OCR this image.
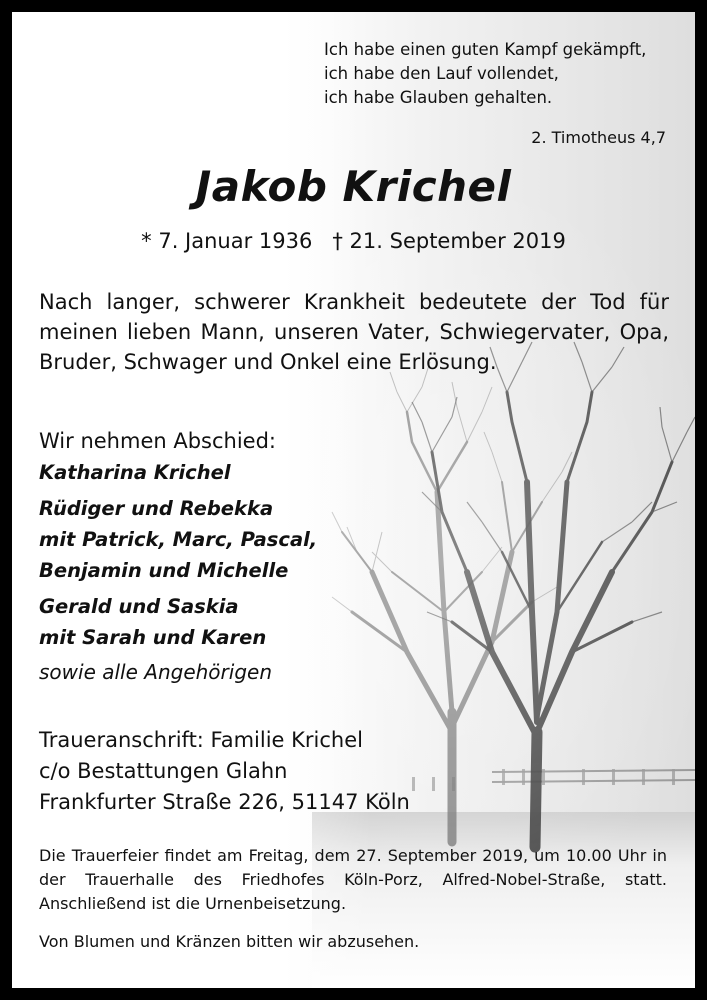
Ich habe einen guten Kampf gekämpft,
ich habe den Lauf vollendet,
ich habe Glauben gehalten.
2. Timotheus 4,7
Jakob Krichel
* 7. Januar 1936 † 21. September 2019

Nach langer, schwerer Krankheit bedeutete der Tod für meinen lieben Mann, unseren Vater, Schwiegervater, Opa, Bruder, Schwager und Onkel eine Erlösung.

Wir nehmen Abschied:
Katharina Krichel
Rüdiger und Rebekka
mit Patrick, Marc, Pascal,
Benjamin und Michelle
Gerald und Saskia
mit Sarah und Karen
sowie alle Angehörigen
Traueranschrift: Familie Krichel
c/o Bestattungen Glahn
Frankfurter Straße 226, 51147 Köln

Die Trauerfeier findet am Freitag, dem 27. September 2019, um 10.00 Uhr in der Trauerhalle des Friedhofes Köln-Porz, Alfred-Nobel-Straße, statt. Anschließend ist die Urnenbeisetzung.

Von Blumen und Kränzen bitten wir abzusehen.
